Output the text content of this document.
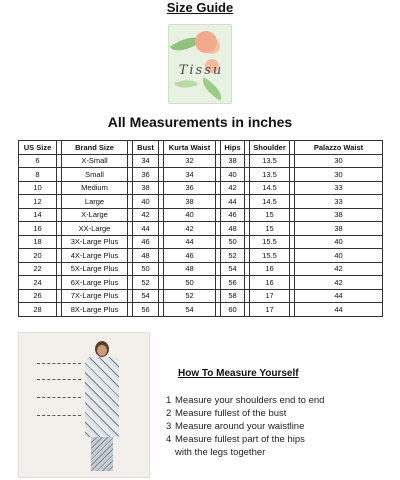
Size Guide
Tissu
All Measurements in inches
US Size		Brand Size		Bust		Kurta Waist		Hips		Shoulder		Palazzo Waist
6		X-Small		34		32		38		13.5		30
8		Small		36		34		40		13.5		30
10		Medium		38		36		42		14.5		33
12		Large		40		38		44		14.5		33
14		X-Large		42		40		46		15		38
16		XX-Large		44		42		48		15		38
18		3X-Large Plus		46		44		50		15.5		40
20		4X-Large Plus		48		46		52		15.5		40
22		5X-Large Plus		50		48		54		16		42
24		6X-Large Plus		52		50		56		16		42
26		7X-Large Plus		54		52		58		17		44
28		8X-Large Plus		56		54		60		17		44
How To Measure Yourself
1 Measure your shoulders end to end
2 Measure fullest of the bust
3 Measure around your waistline
4 Measure fullest part of the hips
with the legs together
